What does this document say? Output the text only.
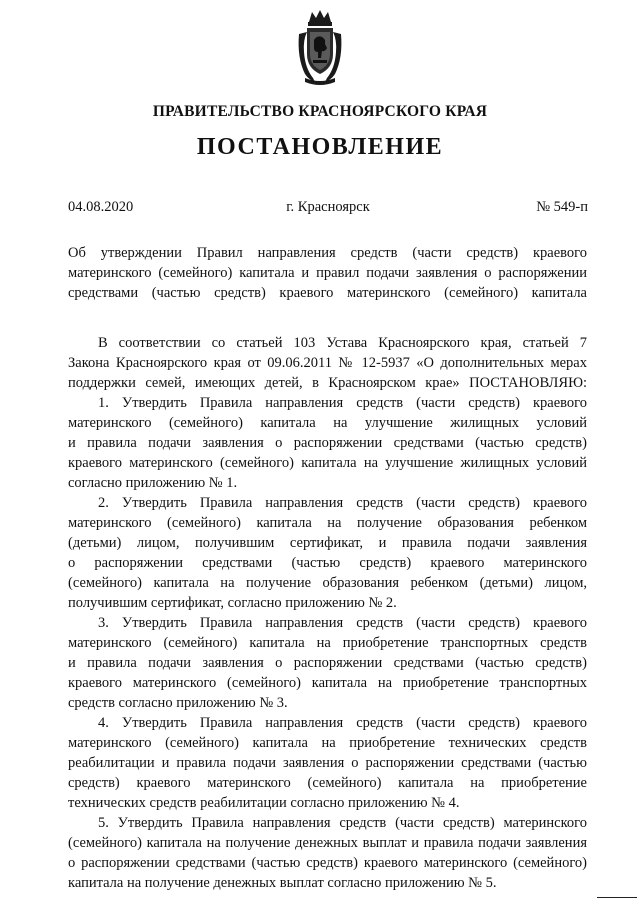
ПРАВИТЕЛЬСТВО КРАСНОЯРСКОГО КРАЯ
ПОСТАНОВЛЕНИЕ
04.08.2020	г. Красноярск	№ 549-п
Об утверждении Правил направления средств (части средств) краевого
материнского (семейного) капитала и правил подачи заявления о распоряжении
средствами (частью средств) краевого материнского (семейного) капитала
В соответствии со статьей 103 Устава Красноярского края, статьей 7
Закона Красноярского края от 09.06.2011 № 12-5937 «О дополнительных мерах
поддержки семей, имеющих детей, в Красноярском крае» ПОСТАНОВЛЯЮ:
1. Утвердить Правила направления средств (части средств) краевого
материнского (семейного) капитала на улучшение жилищных условий
и правила подачи заявления о распоряжении средствами (частью средств)
краевого материнского (семейного) капитала на улучшение жилищных условий
согласно приложению № 1.
2. Утвердить Правила направления средств (части средств) краевого
материнского (семейного) капитала на получение образования ребенком
(детьми) лицом, получившим сертификат, и правила подачи заявления
о распоряжении средствами (частью средств) краевого материнского
(семейного) капитала на получение образования ребенком (детьми) лицом,
получившим сертификат, согласно приложению № 2.
3. Утвердить Правила направления средств (части средств) краевого
материнского (семейного) капитала на приобретение транспортных средств
и правила подачи заявления о распоряжении средствами (частью средств)
краевого материнского (семейного) капитала на приобретение транспортных
средств согласно приложению № 3.
4. Утвердить Правила направления средств (части средств) краевого
материнского (семейного) капитала на приобретение технических средств
реабилитации и правила подачи заявления о распоряжении средствами (частью
средств) краевого материнского (семейного) капитала на приобретение
технических средств реабилитации согласно приложению № 4.
5. Утвердить Правила направления средств (части средств) материнского
(семейного) капитала на получение денежных выплат и правила подачи заявления
о распоряжении средствами (частью средств) краевого материнского (семейного)
капитала на получение денежных выплат согласно приложению № 5.
